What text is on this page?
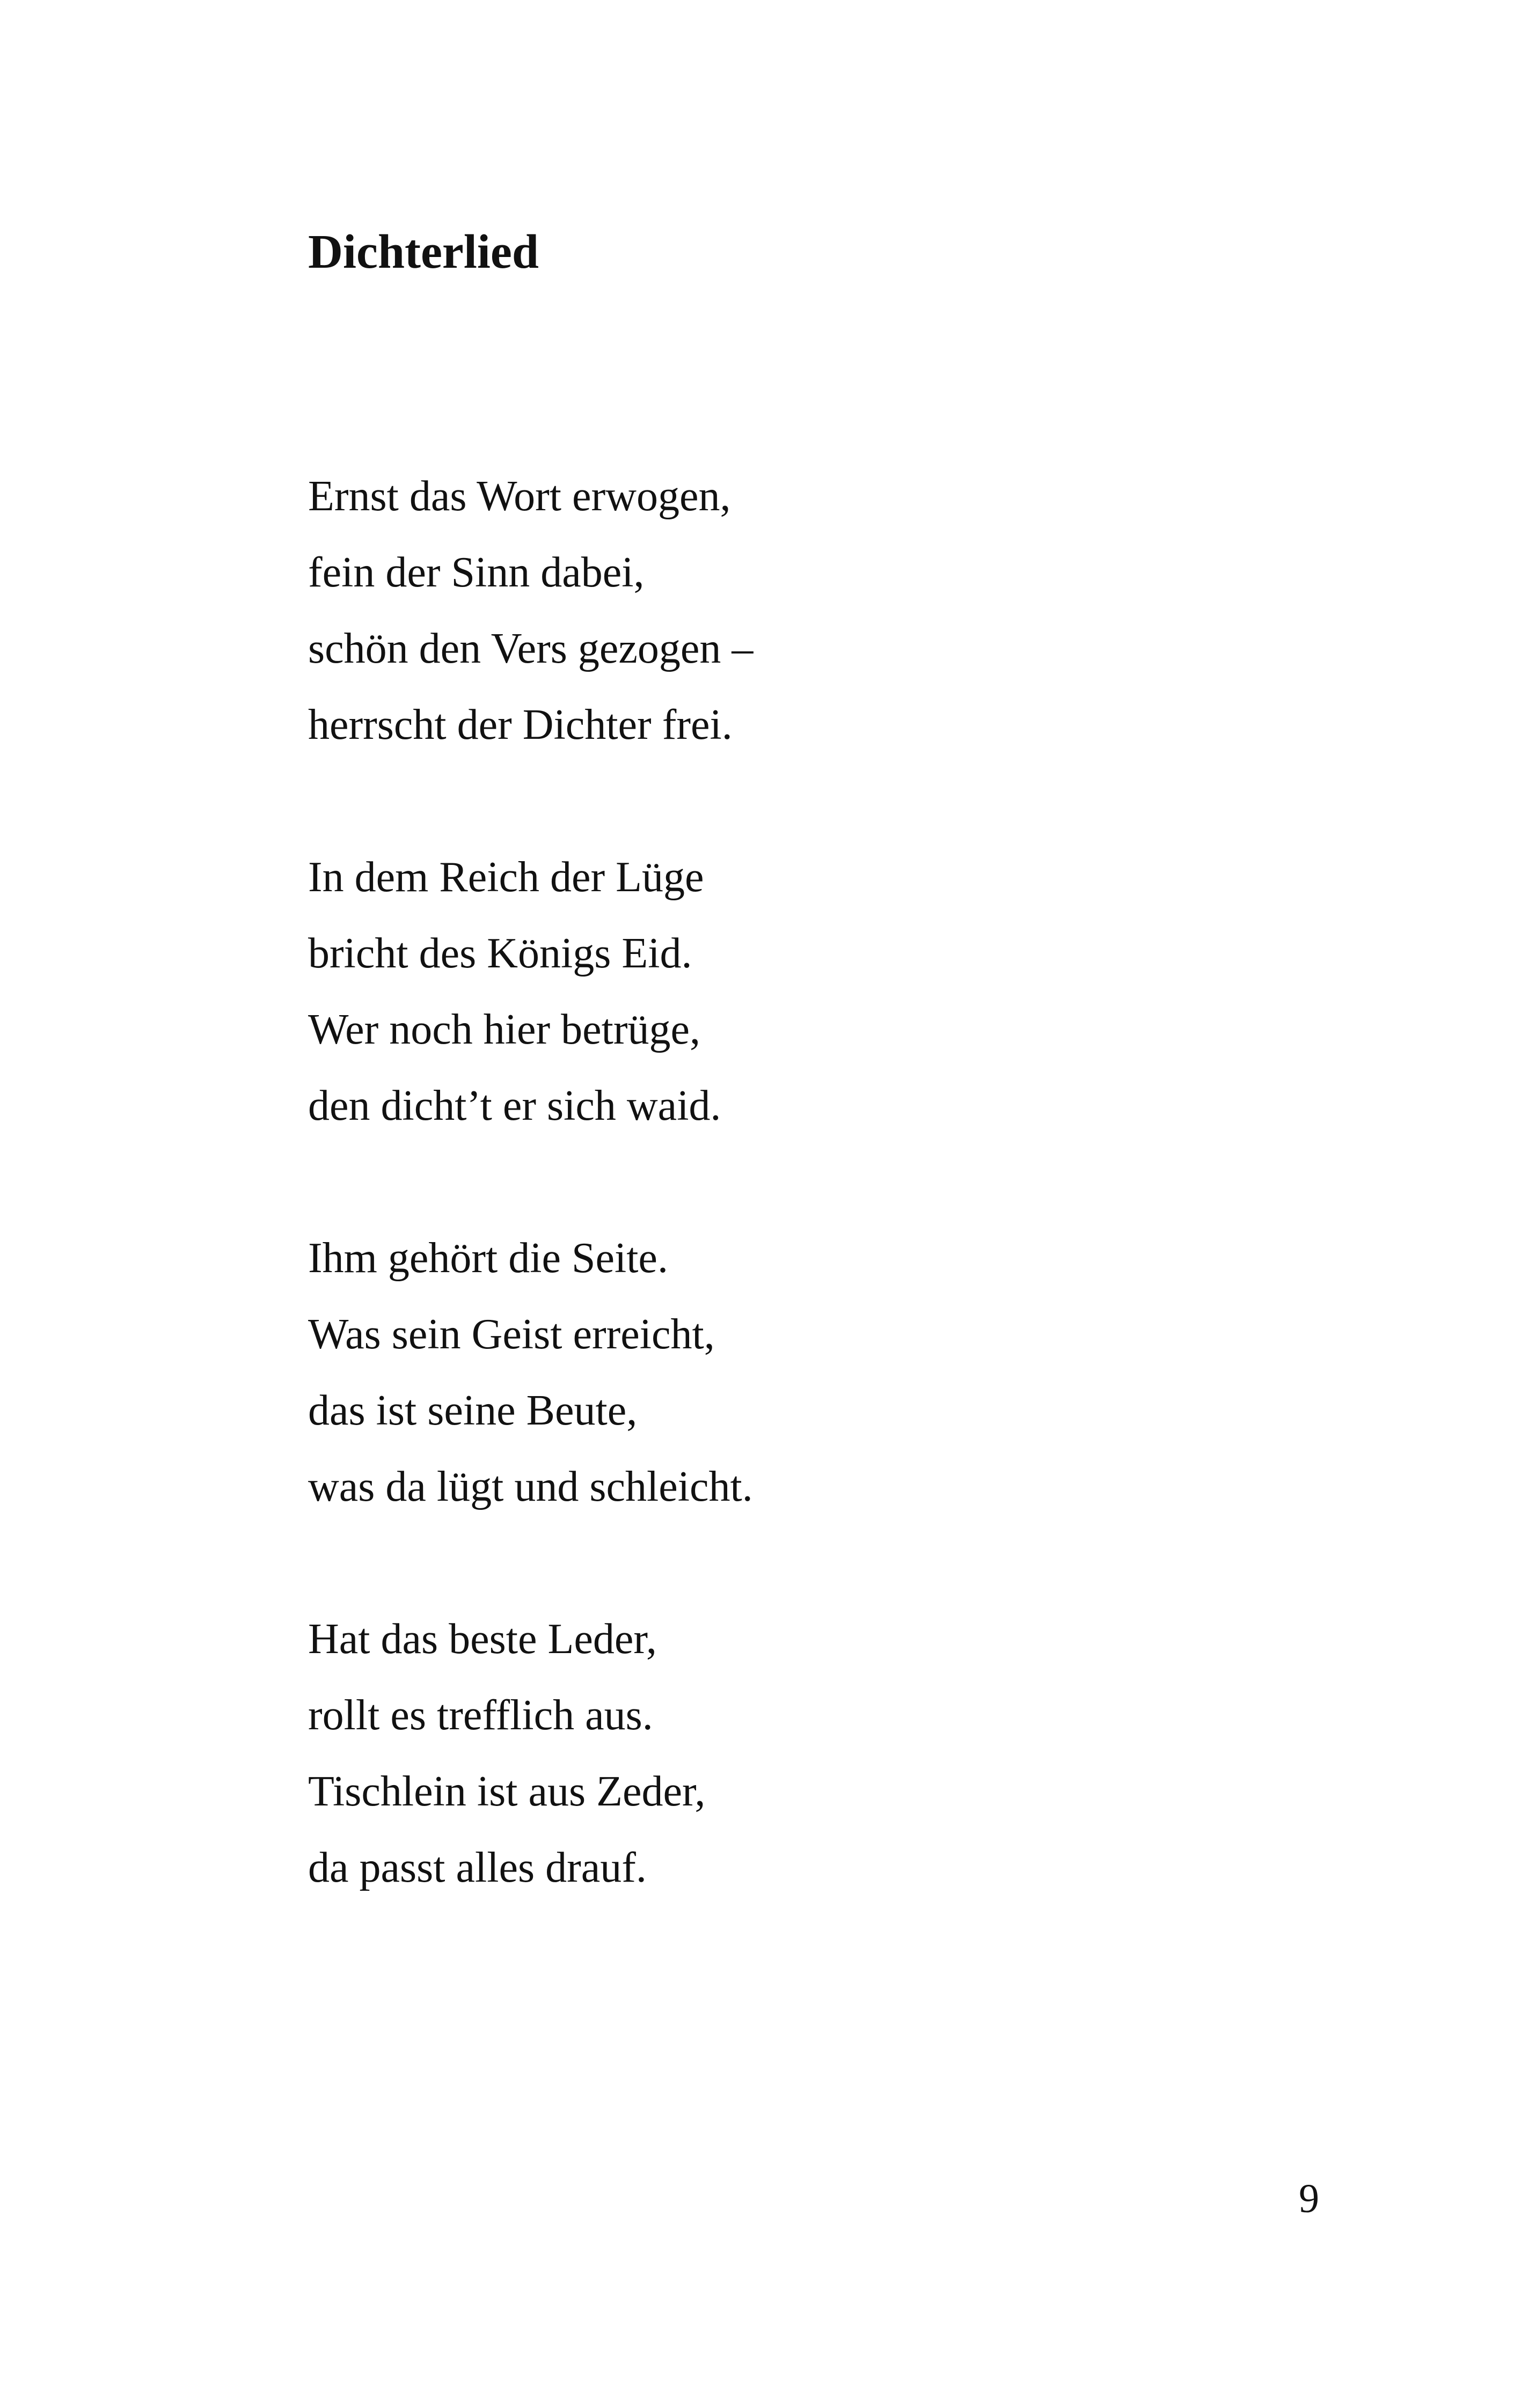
Dichterlied
Ernst das Wort erwogen,
fein der Sinn dabei,
schön den Vers gezogen –
herrscht der Dichter frei.
In dem Reich der Lüge
bricht des Königs Eid.
Wer noch hier betrüge,
den dicht’t er sich waid.
Ihm gehört die Seite.
Was sein Geist erreicht,
das ist seine Beute,
was da lügt und schleicht.
Hat das beste Leder,
rollt es trefflich aus.
Tischlein ist aus Zeder,
da passt alles drauf.
9
